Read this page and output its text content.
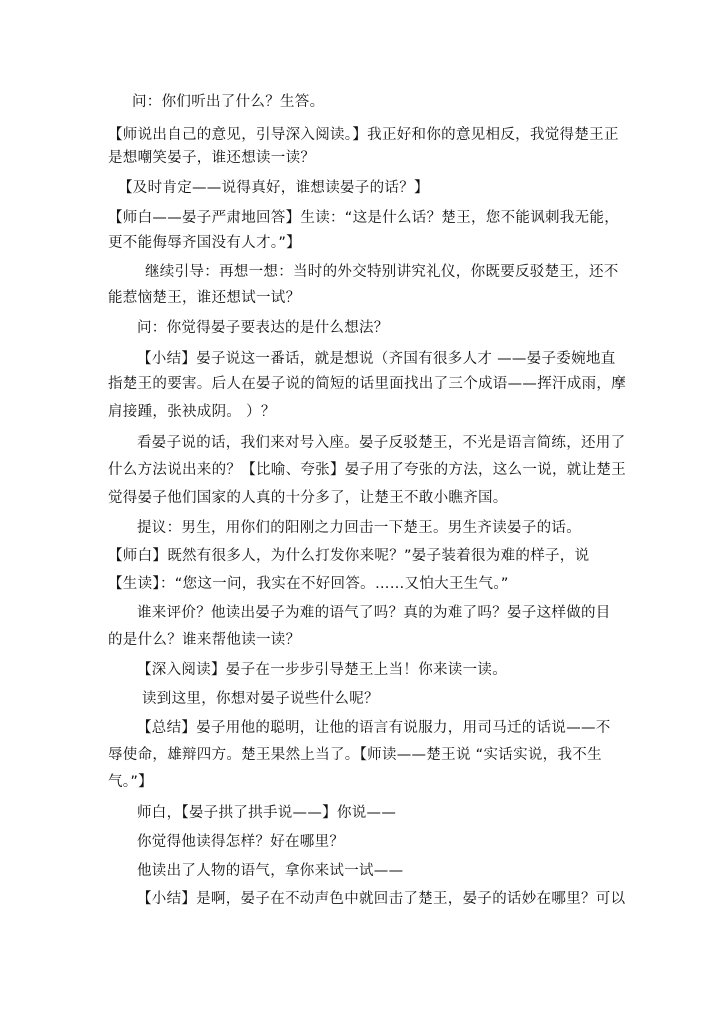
问：你们听出了什么？生答。
【师说出自己的意见，引导深入阅读。】我正好和你的意见相反，我觉得楚王正
是想嘲笑晏子，谁还想读一读？
【及时肯定——说得真好，谁想读晏子的话？】
【师白——晏子严肃地回答】生读：“这是什么话？楚王，您不能讽刺我无能，
更不能侮辱齐国没有人才。”】
继续引导：再想一想：当时的外交特别讲究礼仪，你既要反驳楚王，还不
能惹恼楚王，谁还想试一试？
问：你觉得晏子要表达的是什么想法？
【小结】晏子说这一番话，就是想说（齐国有很多人才 ——晏子委婉地直
指楚王的要害。后人在晏子说的简短的话里面找出了三个成语——挥汗成雨，摩
肩接踵，张袂成阴。 ）？
看晏子说的话，我们来对号入座。晏子反驳楚王，不光是语言简练，还用了
什么方法说出来的？【比喻、夸张】晏子用了夸张的方法，这么一说，就让楚王
觉得晏子他们国家的人真的十分多了，让楚王不敢小瞧齐国。
提议：男生，用你们的阳刚之力回击一下楚王。男生齐读晏子的话。
【师白】既然有很多人，为什么打发你来呢？”晏子装着很为难的样子，说
【生读】：“您这一问，我实在不好回答。……又怕大王生气。”
谁来评价？他读出晏子为难的语气了吗？真的为难了吗？晏子这样做的目
的是什么？谁来帮他读一读？
【深入阅读】晏子在一步步引导楚王上当！你来读一读。
读到这里，你想对晏子说些什么呢？
【总结】晏子用他的聪明，让他的语言有说服力，用司马迁的话说——不
辱使命，雄辩四方。楚王果然上当了。【师读——楚王说 “实话实说，我不生
气。”】
师白，【晏子拱了拱手说——】你说——
你觉得他读得怎样？好在哪里？
他读出了人物的语气，拿你来试一试——
【小结】是啊，晏子在不动声色中就回击了楚王，晏子的话妙在哪里？可以
